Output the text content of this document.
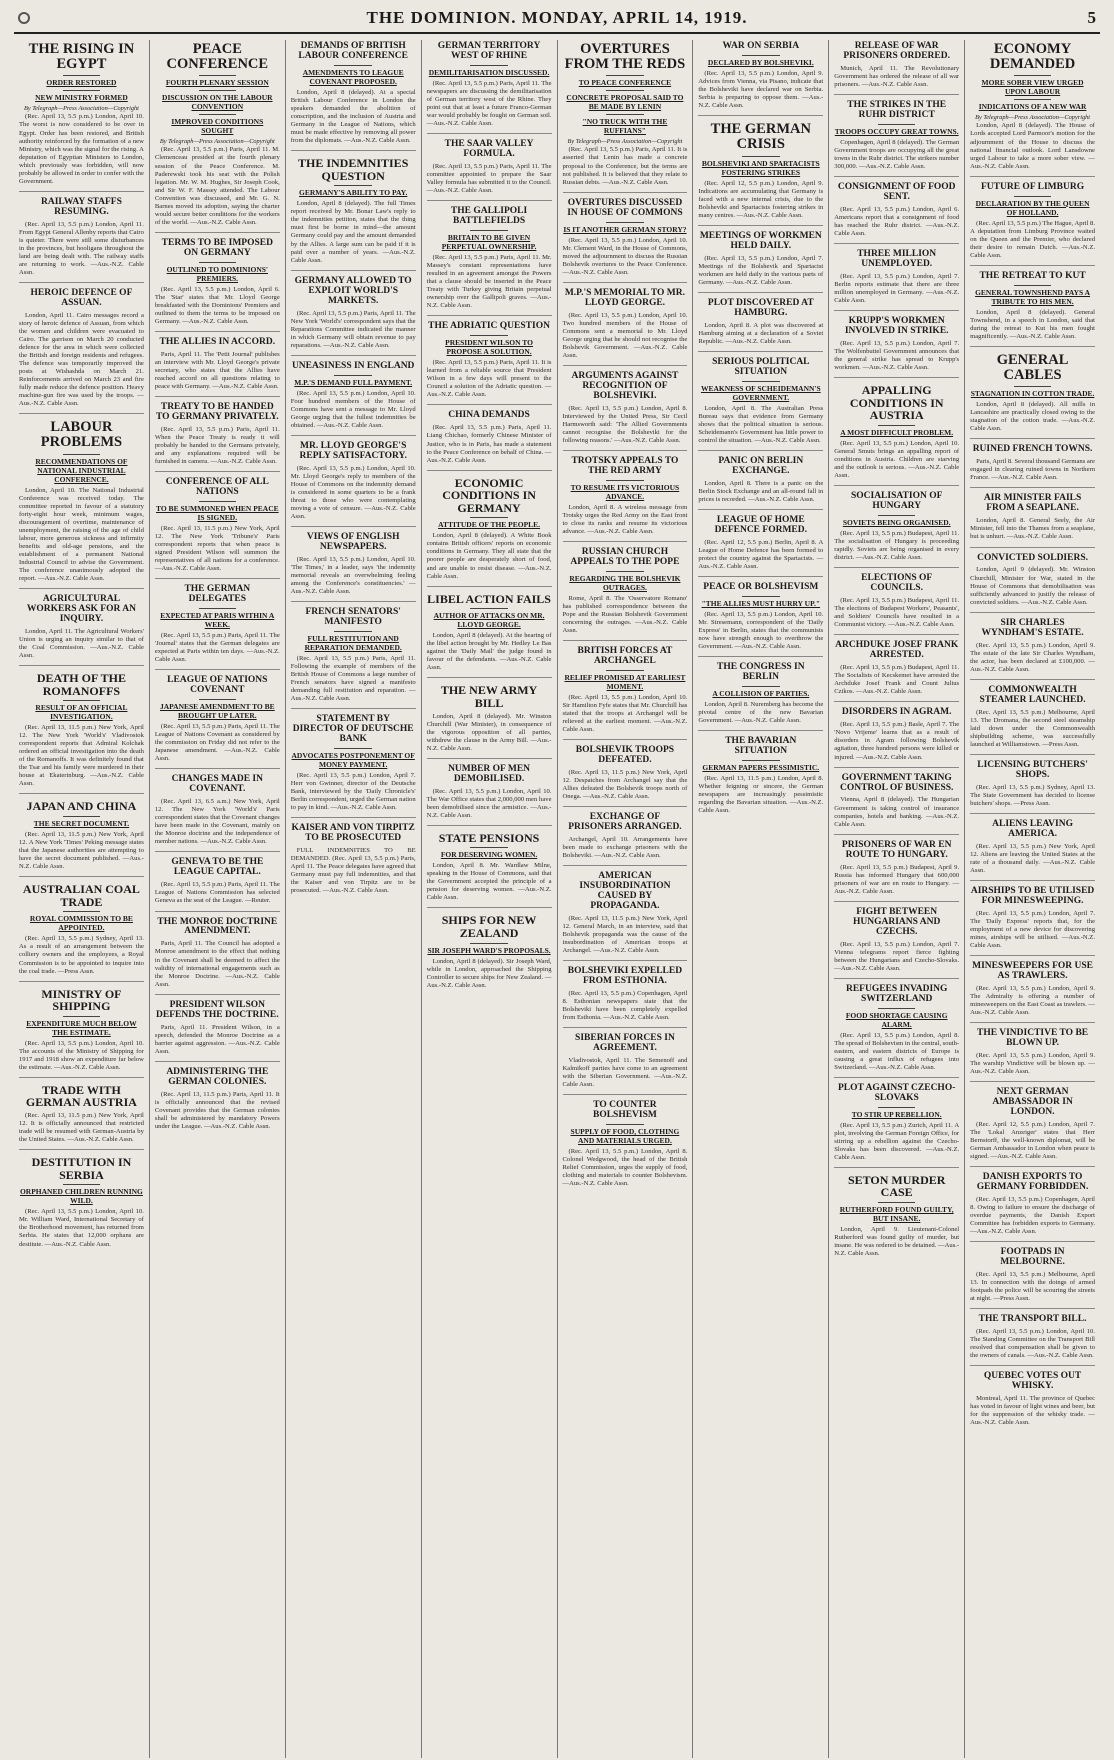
THE DOMINION. MONDAY, APRIL 14, 1919.	5
THE RISING IN EGYPT
ORDER RESTORED
NEW MINISTRY FORMED
By Telegraph—Press Association—Copyright

(Rec. April 13, 5.5 p.m.) London, April 10. The worst is now considered to be over in Egypt. Order has been restored, and British authority reinforced by the formation of a new Ministry, which was the signal for the rising. A deputation of Egyptian Ministers to London, which previously was forbidden, will now probably be allowed in order to confer with the Government.

RAILWAY STAFFS RESUMING.

(Rec. April 13, 5.5 p.m.) London, April 11. From Egypt General Allenby reports that Cairo is quieter. There were still some disturbances in the provinces, but hooligans throughout the land are being dealt with. The railway staffs are returning to work. —Aus.-N.Z. Cable Assn.

HEROIC DEFENCE OF ASSUAN.

London, April 11. Cairo messages record a story of heroic defence of Assuan, from which the women and children were evacuated to Cairo. The garrison on March 20 conducted defence for the area in which were collected the British and foreign residents and refugees. The defence was temporarily improved the posts at Wishashda on March 21. Reinforcements arrived on March 23 and fire fully made reduce the defence position. Heavy machine-gun fire was used by the troops. —Aus.-N.Z. Cable Assn.

LABOUR PROBLEMS
RECOMMENDATIONS OF NATIONAL INDUSTRIAL CONFERENCE.

London, April 10. The National Industrial Conference was received today. The committee reported in favour of a statutory forty-eight hour week, minimum wages, discouragement of overtime, maintenance of unemployment, the raising of the age of child labour, more generous sickness and infirmity benefits and old-age pensions, and the establishment of a permanent National Industrial Council to advise the Government. The conference unanimously adopted the report. —Aus.-N.Z. Cable Assn.

AGRICULTURAL WORKERS ASK FOR AN INQUIRY.

London, April 11. The Agricultural Workers' Union is urging an inquiry similar to that of the Coal Commission. —Aus.-N.Z. Cable Assn.

DEATH OF THE ROMANOFFS
RESULT OF AN OFFICIAL INVESTIGATION.

(Rec. April 13, 11.5 p.m.) New York, April 12. The New York 'World's' Vladivostok correspondent reports that Admiral Kolchak ordered an official investigation into the death of the Romanoffs. It was definitely found that the Tsar and his family were murdered in their house at Ekaterinburg. —Aus.-N.Z. Cable Assn.

JAPAN AND CHINA
THE SECRET DOCUMENT.

(Rec. April 13, 11.5 p.m.) New York, April 12. A New York 'Times' Peking message states that the Japanese authorities are attempting to have the secret document published. —Aus.-N.Z. Cable Assn.

AUSTRALIAN COAL TRADE
ROYAL COMMISSION TO BE APPOINTED.

(Rec. April 13, 5.5 p.m.) Sydney, April 13. As a result of an arrangement between the colliery owners and the employees, a Royal Commission is to be appointed to inquire into the coal trade. —Press Assn.

MINISTRY OF SHIPPING
EXPENDITURE MUCH BELOW THE ESTIMATE.

(Rec. April 13, 5.5 p.m.) London, April 10. The accounts of the Ministry of Shipping for 1917 and 1918 show an expenditure far below the estimate. —Aus.-N.Z. Cable Assn.

TRADE WITH GERMAN AUSTRIA

(Rec. April 13, 11.5 p.m.) New York, April 12. It is officially announced that restricted trade will be resumed with German-Austria by the United States. —Aus.-N.Z. Cable Assn.

DESTITUTION IN SERBIA
ORPHANED CHILDREN RUNNING WILD.

(Rec. April 13, 5.5 p.m.) London, April 10. Mr. William Ward, International Secretary of the Brotherhood movement, has returned from Serbia. He states that 12,000 orphans are destitute. —Aus.-N.Z. Cable Assn.

PEACE CONFERENCE
FOURTH PLENARY SESSION
DISCUSSION ON THE LABOUR CONVENTION
IMPROVED CONDITIONS SOUGHT
By Telegraph—Press Association—Copyright

(Rec. April 13, 5.5 p.m.) Paris, April 11. M. Clemenceau presided at the fourth plenary session of the Peace Conference. M. Paderewski took his seat with the Polish legation. Mr. W. M. Hughes, Sir Joseph Cook, and Sir W. F. Massey attended. The Labour Convention was discussed, and Mr. G. N. Barnes moved its adoption, saying the charter would secure better conditions for the workers of the world. —Aus.-N.Z. Cable Assn.

TERMS TO BE IMPOSED ON GERMANY
OUTLINED TO DOMINIONS' PREMIERS.

(Rec. April 13, 5.5 p.m.) London, April 6. The 'Star' states that Mr. Lloyd George breakfasted with the Dominions' Premiers and outlined to them the terms to be imposed on Germany. —Aus.-N.Z. Cable Assn.

THE ALLIES IN ACCORD.

Paris, April 11. The 'Petit Journal' publishes an interview with Mr. Lloyd George's private secretary, who states that the Allies have reached accord on all questions relating to peace with Germany. —Aus.-N.Z. Cable Assn.

TREATY TO BE HANDED TO GERMANY PRIVATELY.

(Rec. April 13, 5.5 p.m.) Paris, April 11. When the Peace Treaty is ready it will probably be handed to the Germans privately, and any explanations required will be furnished in camera. —Aus.-N.Z. Cable Assn.

CONFERENCE OF ALL NATIONS
TO BE SUMMONED WHEN PEACE IS SIGNED.

(Rec. April 13, 11.5 p.m.) New York, April 12. The New York 'Tribune's' Paris correspondent reports that when peace is signed President Wilson will summon the representatives of all nations for a conference. —Aus.-N.Z. Cable Assn.

THE GERMAN DELEGATES
EXPECTED AT PARIS WITHIN A WEEK.

(Rec. April 13, 5.5 p.m.) Paris, April 11. The 'Journal' states that the German delegates are expected at Paris within ten days. —Aus.-N.Z. Cable Assn.

LEAGUE OF NATIONS COVENANT
JAPANESE AMENDMENT TO BE BROUGHT UP LATER.

(Rec. April 13, 5.5 p.m.) Paris, April 11. The League of Nations Covenant as considered by the commission on Friday did not refer to the Japanese amendment. —Aus.-N.Z. Cable Assn.

CHANGES MADE IN COVENANT.

(Rec. April 13, 6.5 a.m.) New York, April 12. The New York 'World's' Paris correspondent states that the Covenant changes have been made in the Covenant, mainly on the Monroe doctrine and the independence of member nations. —Aus.-N.Z. Cable Assn.

GENEVA TO BE THE LEAGUE CAPITAL.

(Rec. April 13, 5.5 p.m.) Paris, April 11. The League of Nations Commission has selected Geneva as the seat of the League. —Reuter.

THE MONROE DOCTRINE AMENDMENT.

Paris, April 11. The Council has adopted a Monroe amendment to the effect that nothing in the Covenant shall be deemed to affect the validity of international engagements such as the Monroe Doctrine. —Aus.-N.Z. Cable Assn.

PRESIDENT WILSON DEFENDS THE DOCTRINE.

Paris, April 11. President Wilson, in a speech, defended the Monroe Doctrine as a barrier against aggression. —Aus.-N.Z. Cable Assn.

ADMINISTERING THE GERMAN COLONIES.

(Rec. April 13, 11.5 p.m.) Paris, April 11. It is officially announced that the revised Covenant provides that the German colonies shall be administered by mandatory Powers under the League. —Aus.-N.Z. Cable Assn.

DEMANDS OF BRITISH LABOUR CONFERENCE
AMENDMENTS TO LEAGUE COVENANT PROPOSED.

London, April 8 (delayed). At a special British Labour Conference in London the speakers demanded the abolition of conscription, and the inclusion of Austria and Germany in the League of Nations, which must be made effective by removing all power from the diplomats. —Aus.-N.Z. Cable Assn.

THE INDEMNITIES QUESTION
GERMANY'S ABILITY TO PAY.

London, April 8 (delayed). The full Times report received by Mr. Bonar Law's reply to the indemnities petition, states that the thing must first be borne in mind—the amount Germany could pay and the amount demanded by the Allies. A large sum can be paid if it is paid over a number of years. —Aus.-N.Z. Cable Assn.

GERMANY ALLOWED TO EXPLOIT WORLD'S MARKETS.

(Rec. April 13, 5.5 p.m.) Paris, April 11. The New York 'World's' correspondent says that the Reparations Committee indicated the manner in which Germany will obtain revenue to pay reparations. —Aus.-N.Z. Cable Assn.

UNEASINESS IN ENGLAND
M.P.'S DEMAND FULL PAYMENT.

(Rec. April 13, 5.5 p.m.) London, April 10. Four hundred members of the House of Commons have sent a message to Mr. Lloyd George urging that the fullest indemnities be obtained. —Aus.-N.Z. Cable Assn.

MR. LLOYD GEORGE'S REPLY SATISFACTORY.

(Rec. April 13, 5.5 p.m.) London, April 10. Mr. Lloyd George's reply to members of the House of Commons on the indemnity demand is considered in some quarters to be a frank threat to those who were contemplating moving a vote of censure. —Aus.-N.Z. Cable Assn.

VIEWS OF ENGLISH NEWSPAPERS.

(Rec. April 13, 5.5 p.m.) London, April 10. 'The Times,' in a leader, says 'the indemnity memorial reveals an overwhelming feeling among the Conference's constituencies.' —Aus.-N.Z. Cable Assn.

FRENCH SENATORS' MANIFESTO
FULL RESTITUTION AND REPARATION DEMANDED.

(Rec. April 13, 5.5 p.m.) Paris, April 11. Following the example of members of the British House of Commons a large number of French senators have signed a manifesto demanding full restitution and reparation. —Aus.-N.Z. Cable Assn.

STATEMENT BY DIRECTOR OF DEUTSCHE BANK
ADVOCATES POSTPONEMENT OF MONEY PAYMENT.

(Rec. April 13, 5.5 p.m.) London, April 7. Herr von Gwinner, director of the Deutsche Bank, interviewed by the 'Daily Chronicle's' Berlin correspondent, urged the German nation to pay in kind. —Aus.-N.Z. Cable Assn.

KAISER AND VON TIRPITZ TO BE PROSECUTED

FULL INDEMNITIES TO BE DEMANDED. (Rec. April 13, 5.5 p.m.) Paris, April 11. The Peace delegates have agreed that Germany must pay full indemnities, and that the Kaiser and von Tirpitz are to be prosecuted. —Aus.-N.Z. Cable Assn.

GERMAN TERRITORY WEST OF RHINE
DEMILITARISATION DISCUSSED.

(Rec. April 13, 5.5 p.m.) Paris, April 11. The newspapers are discussing the demilitarisation of German territory west of the Rhine. They point out that at least a future Franco-German war would probably be fought on German soil. —Aus.-N.Z. Cable Assn.

THE SAAR VALLEY FORMULA.

(Rec. April 13, 5.5 p.m.) Paris, April 11. The committee appointed to prepare the Saar Valley formula has submitted it to the Council. —Aus.-N.Z. Cable Assn.

THE GALLIPOLI BATTLEFIELDS
BRITAIN TO BE GIVEN PERPETUAL OWNERSHIP.

(Rec. April 13, 5.5 p.m.) Paris, April 11. Mr. Massey's constant representations have resulted in an agreement amongst the Powers that a clause should be inserted in the Peace Treaty with Turkey giving Britain perpetual ownership over the Gallipoli graves. —Aus.-N.Z. Cable Assn.

THE ADRIATIC QUESTION
PRESIDENT WILSON TO PROPOSE A SOLUTION.

(Rec. April 13, 5.5 p.m.) Paris, April 11. It is learned from a reliable source that President Wilson in a few days will present to the Council a solution of the Adriatic question. —Aus.-N.Z. Cable Assn.

CHINA DEMANDS

(Rec. April 13, 5.5 p.m.) Paris, April 11. Liang Chichao, formerly Chinese Minister of Justice, who is in Paris, has made a statement to the Peace Conference on behalf of China. —Aus.-N.Z. Cable Assn.

ECONOMIC CONDITIONS IN GERMANY
ATTITUDE OF THE PEOPLE.

London, April 8 (delayed). A White Book contains British officers' reports on economic conditions in Germany. They all state that the poorer people are desperately short of food, and are unable to resist disease. —Aus.-N.Z. Cable Assn.

LIBEL ACTION FAILS
AUTHOR OF ATTACKS ON MR. LLOYD GEORGE.

London, April 8 (delayed). At the hearing of the libel action brought by Mr. Hedley Le Bas against the 'Daily Mail' the judge found in favour of the defendants. —Aus.-N.Z. Cable Assn.

THE NEW ARMY BILL

London, April 8 (delayed). Mr. Winston Churchill (War Minister), in consequence of the vigorous opposition of all parties, withdrew the clause in the Army Bill. —Aus.-N.Z. Cable Assn.

NUMBER OF MEN DEMOBILISED.

(Rec. April 13, 5.5 p.m.) London, April 10. The War Office states that 2,000,000 men have been demobilised since the armistice. —Aus.-N.Z. Cable Assn.

STATE PENSIONS
FOR DESERVING WOMEN.

London, April 8. Mr. Wardlaw Milne, speaking in the House of Commons, said that the Government accepted the principle of a pension for deserving women. —Aus.-N.Z. Cable Assn.

SHIPS FOR NEW ZEALAND
SIR JOSEPH WARD'S PROPOSALS.

London, April 8 (delayed). Sir Joseph Ward, while in London, approached the Shipping Controller to secure ships for New Zealand. —Aus.-N.Z. Cable Assn.

OVERTURES FROM THE REDS
TO PEACE CONFERENCE
CONCRETE PROPOSAL SAID TO BE MADE BY LENIN
"NO TRUCK WITH THE RUFFIANS"
By Telegraph—Press Association—Copyright

(Rec. April 13, 5.5 p.m.) Paris, April 11. It is asserted that Lenin has made a concrete proposal to the Conference, but the terms are not published. It is believed that they relate to Russian debts. —Aus.-N.Z. Cable Assn.

OVERTURES DISCUSSED IN HOUSE OF COMMONS
IS IT ANOTHER GERMAN STORY?

(Rec. April 13, 5.5 p.m.) London, April 10. Mr. Clement Ward, in the House of Commons, moved the adjournment to discuss the Russian Bolshevik overtures to the Peace Conference. —Aus.-N.Z. Cable Assn.

M.P.'S MEMORIAL TO MR. LLOYD GEORGE.

(Rec. April 13, 5.5 p.m.) London, April 10. Two hundred members of the House of Commons sent a memorial to Mr. Lloyd George urging that he should not recognise the Bolshevik Government. —Aus.-N.Z. Cable Assn.

ARGUMENTS AGAINST RECOGNITION OF BOLSHEVIKI.

(Rec. April 13, 5.5 p.m.) London, April 8. Interviewed by the United Press, Sir Cecil Harmsworth said: 'The Allied Governments cannot recognise the Bolsheviki for the following reasons.' —Aus.-N.Z. Cable Assn.

TROTSKY APPEALS TO THE RED ARMY
TO RESUME ITS VICTORIOUS ADVANCE.

London, April 8. A wireless message from Trotsky urges the Red Army on the East front to close its ranks and resume its victorious advance. —Aus.-N.Z. Cable Assn.

RUSSIAN CHURCH APPEALS TO THE POPE
REGARDING THE BOLSHEVIK OUTRAGES.

Rome, April 8. The 'Osservatore Romano' has published correspondence between the Pope and the Russian Bolshevik Government concerning the outrages. —Aus.-N.Z. Cable Assn.

BRITISH FORCES AT ARCHANGEL
RELIEF PROMISED AT EARLIEST MOMENT.

(Rec. April 13, 5.5 p.m.) London, April 10. Sir Hamilton Fyfe states that Mr. Churchill has stated that the troops at Archangel will be relieved at the earliest moment. —Aus.-N.Z. Cable Assn.

BOLSHEVIK TROOPS DEFEATED.

(Rec. April 13, 11.5 p.m.) New York, April 12. Despatches from Archangel say that the Allies defeated the Bolshevik troops north of Onega. —Aus.-N.Z. Cable Assn.

EXCHANGE OF PRISONERS ARRANGED.

Archangel, April 10. Arrangements have been made to exchange prisoners with the Bolsheviki. —Aus.-N.Z. Cable Assn.

AMERICAN INSUBORDINATION CAUSED BY PROPAGANDA.

(Rec. April 13, 11.5 p.m.) New York, April 12. General March, in an interview, said that Bolshevik propaganda was the cause of the insubordination of American troops at Archangel. —Aus.-N.Z. Cable Assn.

BOLSHEVIKI EXPELLED FROM ESTHONIA.

(Rec. April 13, 5.5 p.m.) Copenhagen, April 8. Esthonian newspapers state that the Bolsheviki have been completely expelled from Esthonia. —Aus.-N.Z. Cable Assn.

SIBERIAN FORCES IN AGREEMENT.

Vladivostok, April 11. The Semenoff and Kalmikoff parties have come to an agreement with the Siberian Government. —Aus.-N.Z. Cable Assn.

TO COUNTER BOLSHEVISM
SUPPLY OF FOOD, CLOTHING AND MATERIALS URGED.

(Rec. April 13, 5.5 p.m.) London, April 8. Colonel Wedgwood, the head of the British Relief Commission, urges the supply of food, clothing and materials to counter Bolshevism. —Aus.-N.Z. Cable Assn.

WAR ON SERBIA
DECLARED BY BOLSHEVIKI.

(Rec. April 13, 5.5 p.m.) London, April 9. Advices from Vienna, via Pisano, indicate that the Bolsheviki have declared war on Serbia. Serbia is preparing to oppose them. —Aus.-N.Z. Cable Assn.

THE GERMAN CRISIS
BOLSHEVIKI AND SPARTACISTS FOSTERING STRIKES

(Rec. April 12, 5.5 p.m.) London, April 9. Indications are accumulating that Germany is faced with a new internal crisis, due to the Bolsheviki and Spartacists fostering strikes in many centres. —Aus.-N.Z. Cable Assn.

MEETINGS OF WORKMEN HELD DAILY.

(Rec. April 13, 5.5 p.m.) London, April 7. Meetings of the Bolshevik and Spartacist workmen are held daily in the various parts of Germany. —Aus.-N.Z. Cable Assn.

PLOT DISCOVERED AT HAMBURG.

London, April 8. A plot was discovered at Hamburg aiming at a declaration of a Soviet Republic. —Aus.-N.Z. Cable Assn.

SERIOUS POLITICAL SITUATION
WEAKNESS OF SCHEIDEMANN'S GOVERNMENT.

London, April 8. The Australian Press Bureau says that evidence from Germany shows that the political situation is serious. Scheidemann's Government has little power to control the situation. —Aus.-N.Z. Cable Assn.

PANIC ON BERLIN EXCHANGE.

London, April 8. There is a panic on the Berlin Stock Exchange and an all-round fall in prices is recorded. —Aus.-N.Z. Cable Assn.

LEAGUE OF HOME DEFENCE FORMED.

(Rec. April 12, 5.5 p.m.) Berlin, April 8. A League of Home Defence has been formed to protect the country against the Spartacists. —Aus.-N.Z. Cable Assn.

PEACE OR BOLSHEVISM
"THE ALLIES MUST HURRY UP."

(Rec. April 13, 5.5 p.m.) London, April 10. Mr. Stresemann, correspondent of the 'Daily Express' in Berlin, states that the communists now have strength enough to overthrow the Government. —Aus.-N.Z. Cable Assn.

THE CONGRESS IN BERLIN
A COLLISION OF PARTIES.

London, April 8. Nuremberg has become the pivotal centre of the new Bavarian Government. —Aus.-N.Z. Cable Assn.

THE BAVARIAN SITUATION
GERMAN PAPERS PESSIMISTIC.

(Rec. April 13, 11.5 p.m.) London, April 8. Whether feigning or sincere, the German newspapers are increasingly pessimistic regarding the Bavarian situation. —Aus.-N.Z. Cable Assn.

RELEASE OF WAR PRISONERS ORDERED.

Munich, April 11. The Revolutionary Government has ordered the release of all war prisoners. —Aus.-N.Z. Cable Assn.

THE STRIKES IN THE RUHR DISTRICT
TROOPS OCCUPY GREAT TOWNS.

Copenhagen, April 8 (delayed). The German Government troops are occupying all the great towns in the Ruhr district. The strikers number 300,000. —Aus.-N.Z. Cable Assn.

CONSIGNMENT OF FOOD SENT.

(Rec. April 13, 5.5 p.m.) London, April 6. Americans report that a consignment of food has reached the Ruhr district. —Aus.-N.Z. Cable Assn.

THREE MILLION UNEMPLOYED.

(Rec. April 13, 5.5 p.m.) London, April 7. Berlin reports estimate that there are three million unemployed in Germany. —Aus.-N.Z. Cable Assn.

KRUPP'S WORKMEN INVOLVED IN STRIKE.

(Rec. April 13, 5.5 p.m.) London, April 7. The Wolfenbuttel Government announces that the general strike has spread to Krupp's workmen. —Aus.-N.Z. Cable Assn.

APPALLING CONDITIONS IN AUSTRIA
A MOST DIFFICULT PROBLEM.

(Rec. April 13, 5.5 p.m.) London, April 10. General Smuts brings an appalling report of conditions in Austria. Children are starving and the outlook is serious. —Aus.-N.Z. Cable Assn.

SOCIALISATION OF HUNGARY
SOVIETS BEING ORGANISED.

(Rec. April 13, 5.5 p.m.) Budapest, April 11. The socialisation of Hungary is proceeding rapidly. Soviets are being organised in every district. —Aus.-N.Z. Cable Assn.

ELECTIONS OF COUNCILS.

(Rec. April 13, 5.5 p.m.) Budapest, April 11. The elections of Budapest Workers', Peasants', and Soldiers' Councils have resulted in a Communist victory. —Aus.-N.Z. Cable Assn.

ARCHDUKE JOSEF FRANK ARRESTED.

(Rec. April 13, 5.5 p.m.) Budapest, April 11. The Socialists of Kecskemet have arrested the Archduke Josef Frank and Count Julius Czikos. —Aus.-N.Z. Cable Assn.

DISORDERS IN AGRAM.

(Rec. April 13, 5.5 p.m.) Basle, April 7. The 'Novo Vrijeme' learns that as a result of disorders in Agram following Bolshevik agitation, three hundred persons were killed or injured. —Aus.-N.Z. Cable Assn.

GOVERNMENT TAKING CONTROL OF BUSINESS.

Vienna, April 8 (delayed). The Hungarian Government is taking control of insurance companies, hotels and banking. —Aus.-N.Z. Cable Assn.

PRISONERS OF WAR EN ROUTE TO HUNGARY.

(Rec. April 13, 5.5 p.m.) Budapest, April 9. Russia has informed Hungary that 600,000 prisoners of war are en route to Hungary. —Aus.-N.Z. Cable Assn.

FIGHT BETWEEN HUNGARIANS AND CZECHS.

(Rec. April 13, 5.5 p.m.) London, April 7. Vienna telegrams report fierce fighting between the Hungarians and Czecho-Slovaks. —Aus.-N.Z. Cable Assn.

REFUGEES INVADING SWITZERLAND
FOOD SHORTAGE CAUSING ALARM.

(Rec. April 13, 5.5 p.m.) London, April 8. The spread of Bolshevism in the central, south-eastern, and eastern districts of Europe is causing a great influx of refugees into Switzerland. —Aus.-N.Z. Cable Assn.

PLOT AGAINST CZECHO-SLOVAKS
TO STIR UP REBELLION.

(Rec. April 13, 5.5 p.m.) Zurich, April 11. A plot, involving the German Foreign Office, for stirring up a rebellion against the Czecho-Slovaks has been discovered. —Aus.-N.Z. Cable Assn.

SETON MURDER CASE
RUTHERFORD FOUND GUILTY, BUT INSANE.

London, April 9. Lieutenant-Colonel Rutherford was found guilty of murder, but insane. He was ordered to be detained. —Aus.-N.Z. Cable Assn.

ECONOMY DEMANDED
MORE SOBER VIEW URGED UPON LABOUR
INDICATIONS OF A NEW WAR
By Telegraph—Press Association—Copyright

London, April 8 (delayed). The House of Lords accepted Lord Parmoor's motion for the adjournment of the House to discuss the national financial outlook. Lord Lansdowne urged Labour to take a more sober view. —Aus.-N.Z. Cable Assn.

FUTURE OF LIMBURG
DECLARATION BY THE QUEEN OF HOLLAND.

(Rec. April 13, 5.5 p.m.) The Hague, April 8. A deputation from Limburg Province waited on the Queen and the Premier, who declared their desire to remain Dutch. —Aus.-N.Z. Cable Assn.

THE RETREAT TO KUT
GENERAL TOWNSHEND PAYS A TRIBUTE TO HIS MEN.

London, April 8 (delayed). General Townshend, in a speech in London, said that during the retreat to Kut his men fought magnificently. —Aus.-N.Z. Cable Assn.

GENERAL CABLES
STAGNATION IN COTTON TRADE.

London, April 8 (delayed). All mills in Lancashire are practically closed owing to the stagnation of the cotton trade. —Aus.-N.Z. Cable Assn.

RUINED FRENCH TOWNS.

Paris, April 8. Several thousand Germans are engaged in clearing ruined towns in Northern France. —Aus.-N.Z. Cable Assn.

AIR MINISTER FAILS FROM A SEAPLANE.

London, April 8. General Seely, the Air Minister, fell into the Thames from a seaplane, but is unhurt. —Aus.-N.Z. Cable Assn.

CONVICTED SOLDIERS.

London, April 9 (delayed). Mr. Winston Churchill, Minister for War, stated in the House of Commons that demobilisation was sufficiently advanced to justify the release of convicted soldiers. —Aus.-N.Z. Cable Assn.

SIR CHARLES WYNDHAM'S ESTATE.

(Rec. April 13, 5.5 p.m.) London, April 9. The estate of the late Sir Charles Wyndham, the actor, has been declared at £100,000. —Aus.-N.Z. Cable Assn.

COMMONWEALTH STEAMER LAUNCHED.

(Rec. April 13, 5.5 p.m.) Melbourne, April 13. The Dromana, the second steel steamship laid down under the Commonwealth shipbuilding scheme, was successfully launched at Williamstown. —Press Assn.

LICENSING BUTCHERS' SHOPS.

(Rec. April 13, 5.5 p.m.) Sydney, April 13. The State Government has decided to license butchers' shops. —Press Assn.

ALIENS LEAVING AMERICA.

(Rec. April 13, 5.5 p.m.) New York, April 12. Aliens are leaving the United States at the rate of a thousand daily. —Aus.-N.Z. Cable Assn.

AIRSHIPS TO BE UTILISED FOR MINESWEEPING.

(Rec. April 13, 5.5 p.m.) London, April 7. The 'Daily Express' reports that, for the employment of a new device for discovering mines, airships will be utilised. —Aus.-N.Z. Cable Assn.

MINESWEEPERS FOR USE AS TRAWLERS.

(Rec. April 13, 5.5 p.m.) London, April 9. The Admiralty is offering a number of minesweepers on the East Coast as trawlers. —Aus.-N.Z. Cable Assn.

THE VINDICTIVE TO BE BLOWN UP.

(Rec. April 13, 5.5 p.m.) London, April 9. The warship Vindictive will be blown up. —Aus.-N.Z. Cable Assn.

NEXT GERMAN AMBASSADOR IN LONDON.

(Rec. April 12, 5.5 p.m.) London, April 7. The 'Lokal Anzeiger' states that Herr Bernstorff, the well-known diplomat, will be German Ambassador in London when peace is signed. —Aus.-N.Z. Cable Assn.

DANISH EXPORTS TO GERMANY FORBIDDEN.

(Rec. April 13, 5.5 p.m.) Copenhagen, April 8. Owing to failure to ensure the discharge of overdue payments, the Danish Export Committee has forbidden exports to Germany. —Aus.-N.Z. Cable Assn.

FOOTPADS IN MELBOURNE.

(Rec. April 13, 5.5 p.m.) Melbourne, April 13. In connection with the doings of armed footpads the police will be scouring the streets at night. —Press Assn.

THE TRANSPORT BILL.

(Rec. April 13, 5.5 p.m.) London, April 10. The Standing Committee on the Transport Bill resolved that compensation shall be given to the owners of canals. —Aus.-N.Z. Cable Assn.

QUEBEC VOTES OUT WHISKY.

Montreal, April 11. The province of Quebec has voted in favour of light wines and beer, but for the suppression of the whisky trade. —Aus.-N.Z. Cable Assn.
